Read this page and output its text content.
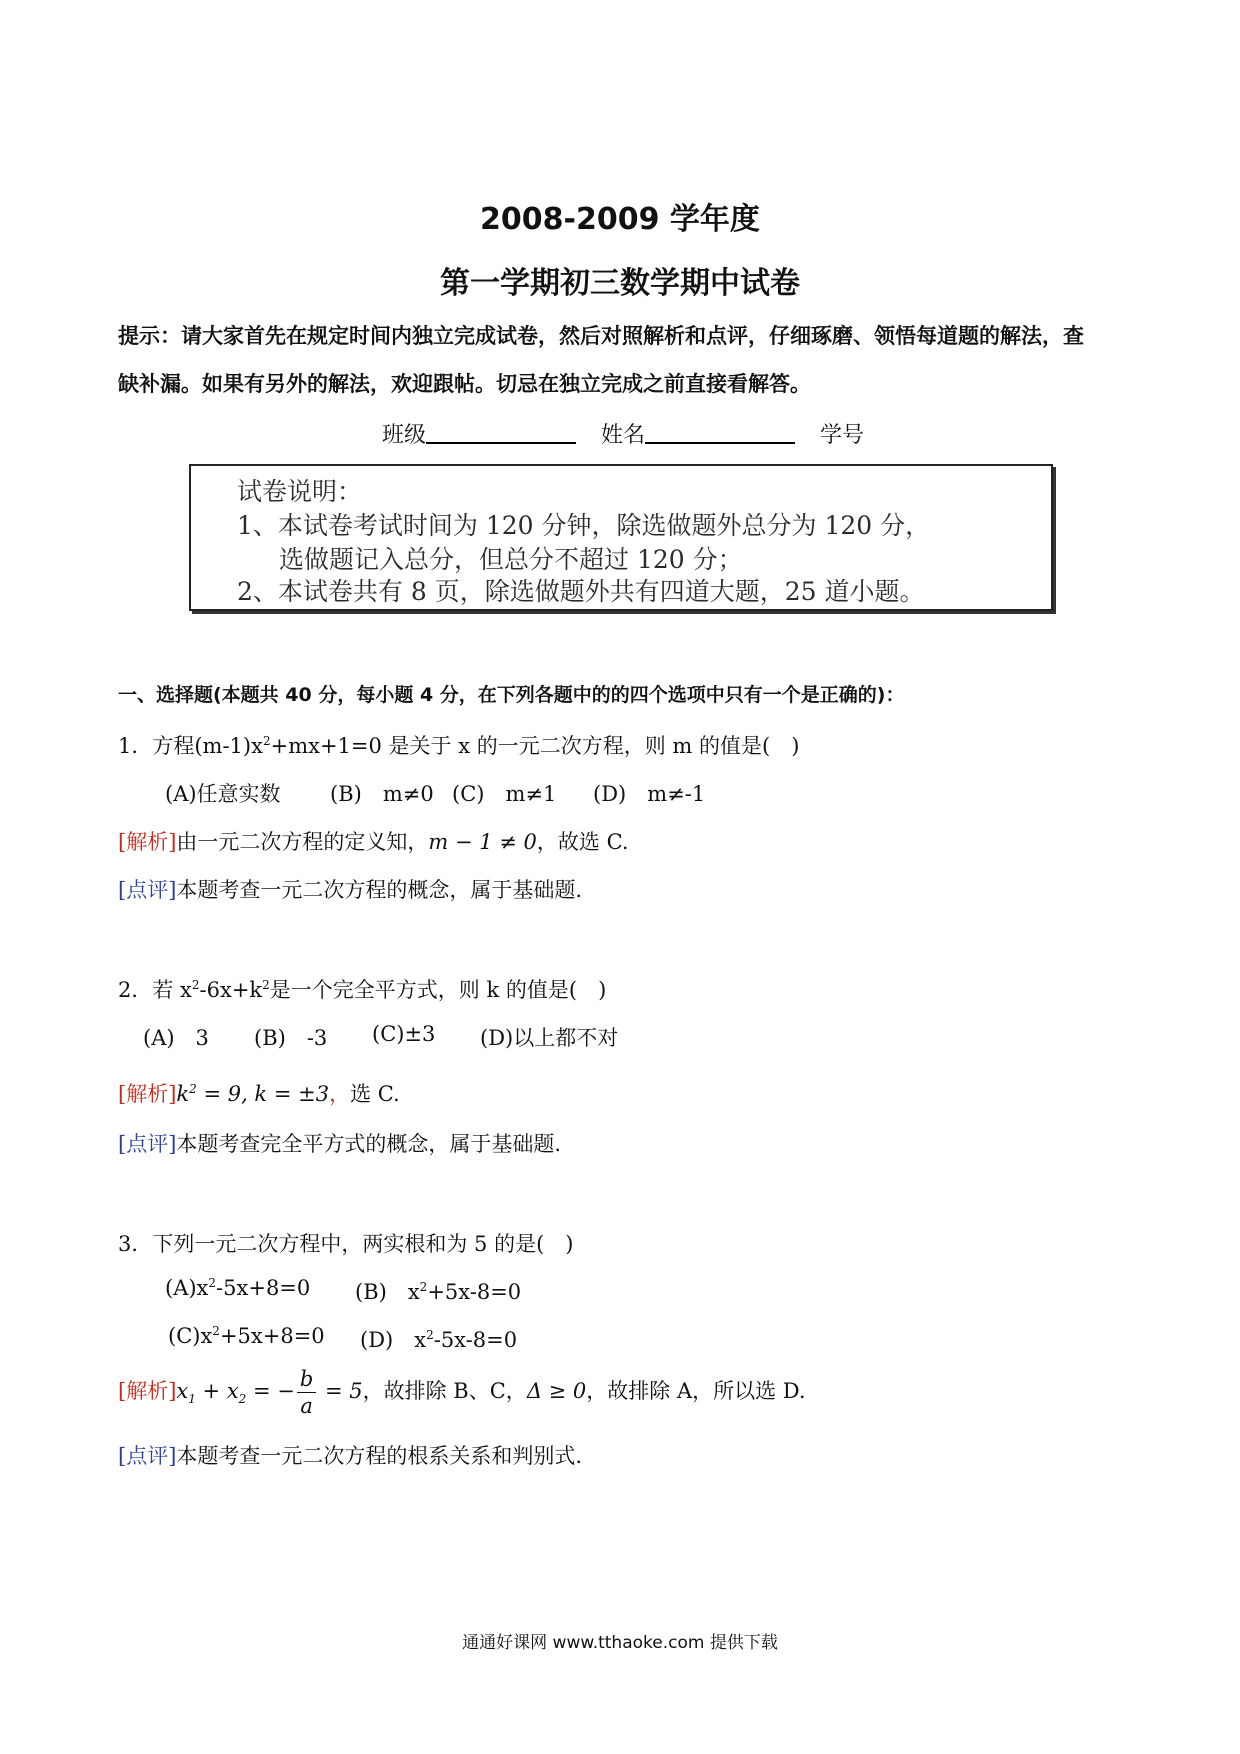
2008-2009 学年度
第一学期初三数学期中试卷
提示：请大家首先在规定时间内独立完成试卷，然后对照解析和点评，仔细琢磨、领悟每道题的解法，查
缺补漏。如果有另外的解法，欢迎跟帖。切忌在独立完成之前直接看解答。
班级	姓名	学号
试卷说明：
1、本试卷考试时间为 120 分钟，除选做题外总分为 120 分，
选做题记入总分，但总分不超过 120 分；
2、本试卷共有 8 页，除选做题外共有四道大题，25 道小题。
一、选择题(本题共 40 分，每小题 4 分，在下列各题中的的四个选项中只有一个是正确的)：
1．方程$(m-1)x^2+mx+1=0$ 是关于 x 的一元二次方程，则 m 的值是(　)
(A)任意实数 (B)　m≠0 (C)　m≠1 (D)　m≠-1
[解析]由一元二次方程的定义知，m − 1 ≠ 0，故选 C.
[点评]本题考查一元二次方程的概念，属于基础题.
2．若 $x^2-6x+k^2$是一个完全平方式，则 k 的值是(　)
(A)　3 (B)　-3 (C)±3 (D)以上都不对
[解析]$k^2 = 9$, k = ±3，选 C.
[点评]本题考查完全平方式的概念，属于基础题.
3．下列一元二次方程中，两实根和为 5 的是(　)
$(A)x^2-5x+8=0$ (B)　$x^2+5x-8=0$
$(C)x^2+5x+8=0$ (D)　$x^2-5x-8=0$
[解析]$x_1 + x_2$ = − $\frac{b}{a} = 5$，故排除 B、C，Δ ≥ 0，故排除 A，所以选 D.
[点评]本题考查一元二次方程的根系关系和判别式.
通通好课网 www.tthaoke.com 提供下载
